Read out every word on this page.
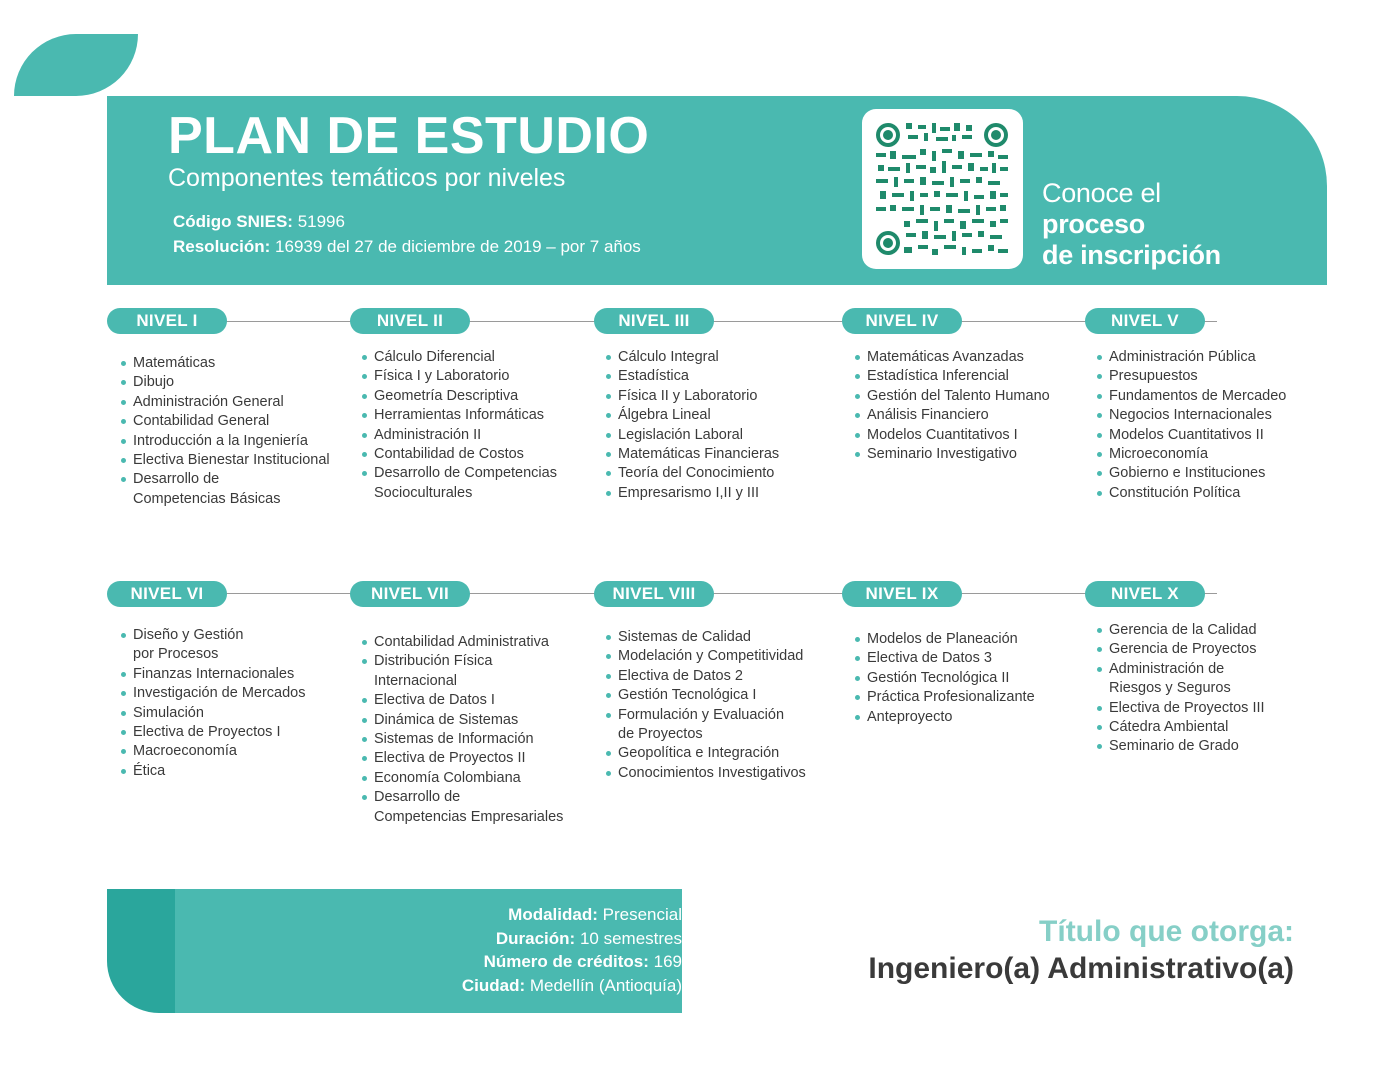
PLAN DE ESTUDIO
Componentes temáticos por niveles
Código SNIES: 51996
Resolución: 16939 del 27 de diciembre de 2019 – por 7 años
Conoce el
proceso
de inscripción
NIVEL I
Matemáticas
Dibujo
Administración General
Contabilidad General
Introducción a la Ingeniería
Electiva Bienestar Institucional
Desarrollo de
Competencias Básicas
NIVEL II
Cálculo Diferencial
Física I y Laboratorio
Geometría Descriptiva
Herramientas Informáticas
Administración II
Contabilidad de Costos
Desarrollo de Competencias
Socioculturales
NIVEL III
Cálculo Integral
Estadística
Física II y Laboratorio
Álgebra Lineal
Legislación Laboral
Matemáticas Financieras
Teoría del Conocimiento
Empresarismo I,II y III
NIVEL IV
Matemáticas Avanzadas
Estadística Inferencial
Gestión del Talento Humano
Análisis Financiero
Modelos Cuantitativos I
Seminario Investigativo
NIVEL V
Administración Pública
Presupuestos
Fundamentos de Mercadeo
Negocios Internacionales
Modelos Cuantitativos II
Microeconomía
Gobierno e Instituciones
Constitución Política
NIVEL VI
Diseño y Gestión
por Procesos
Finanzas Internacionales
Investigación de Mercados
Simulación
Electiva de Proyectos I
Macroeconomía
Ética
NIVEL VII
Contabilidad Administrativa
Distribución Física
Internacional
Electiva de Datos I
Dinámica de Sistemas
Sistemas de Información
Electiva de Proyectos II
Economía Colombiana
Desarrollo de
Competencias Empresariales
NIVEL VIII
Sistemas de Calidad
Modelación y Competitividad
Electiva de Datos 2
Gestión Tecnológica I
Formulación y Evaluación
de Proyectos
Geopolítica e Integración
Conocimientos Investigativos
NIVEL IX
Modelos de Planeación
Electiva de Datos 3
Gestión Tecnológica II
Práctica Profesionalizante
Anteproyecto
NIVEL X
Gerencia de la Calidad
Gerencia de Proyectos
Administración de
Riesgos y Seguros
Electiva de Proyectos III
Cátedra Ambiental
Seminario de Grado
Modalidad: Presencial
Duración: 10 semestres
Número de créditos: 169
Ciudad: Medellín (Antioquía)
Título que otorga:
Ingeniero(a) Administrativo(a)
